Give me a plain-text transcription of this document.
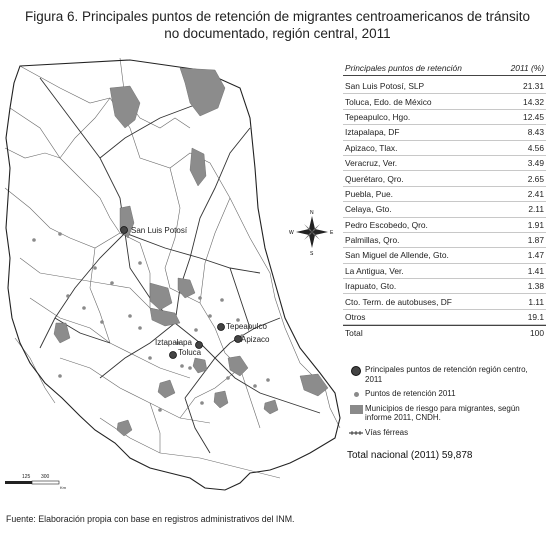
Figura 6. Principales puntos de retención de migrantes centroamericanos de tránsito
no documentado, región central, 2011
San Luis Potosí
Tepeapulco
Iztapalapa	Apizaco
Toluca
N
S
E
W
125 300
Km
Principales puntos de retención	2011 (%)
San Luis Potosí, SLP	21.31
Toluca, Edo. de México	14.32
Tepeapulco, Hgo.	12.45
Iztapalapa, DF	8.43
Apizaco, Tlax.	4.56
Veracruz, Ver.	3.49
Querétaro, Qro.	2.65
Puebla, Pue.	2.41
Celaya, Gto.	2.11
Pedro Escobedo, Qro.	1.91
Palmillas, Qro.	1.87
San Miguel de Allende, Gto.	1.47
La Antigua, Ver.	1.41
Irapuato, Gto.	1.38
Cto. Term. de autobuses, DF	1.11
Otros	19.1
Total	100
Principales puntos de retención región centro, 2011
Puntos de retención 2011
Municipios de riesgo para migrantes, según informe 2011, CNDH.
Vías férreas
Total nacional (2011) 59,878
Fuente: Elaboración propia con base en registros administrativos del INM.
